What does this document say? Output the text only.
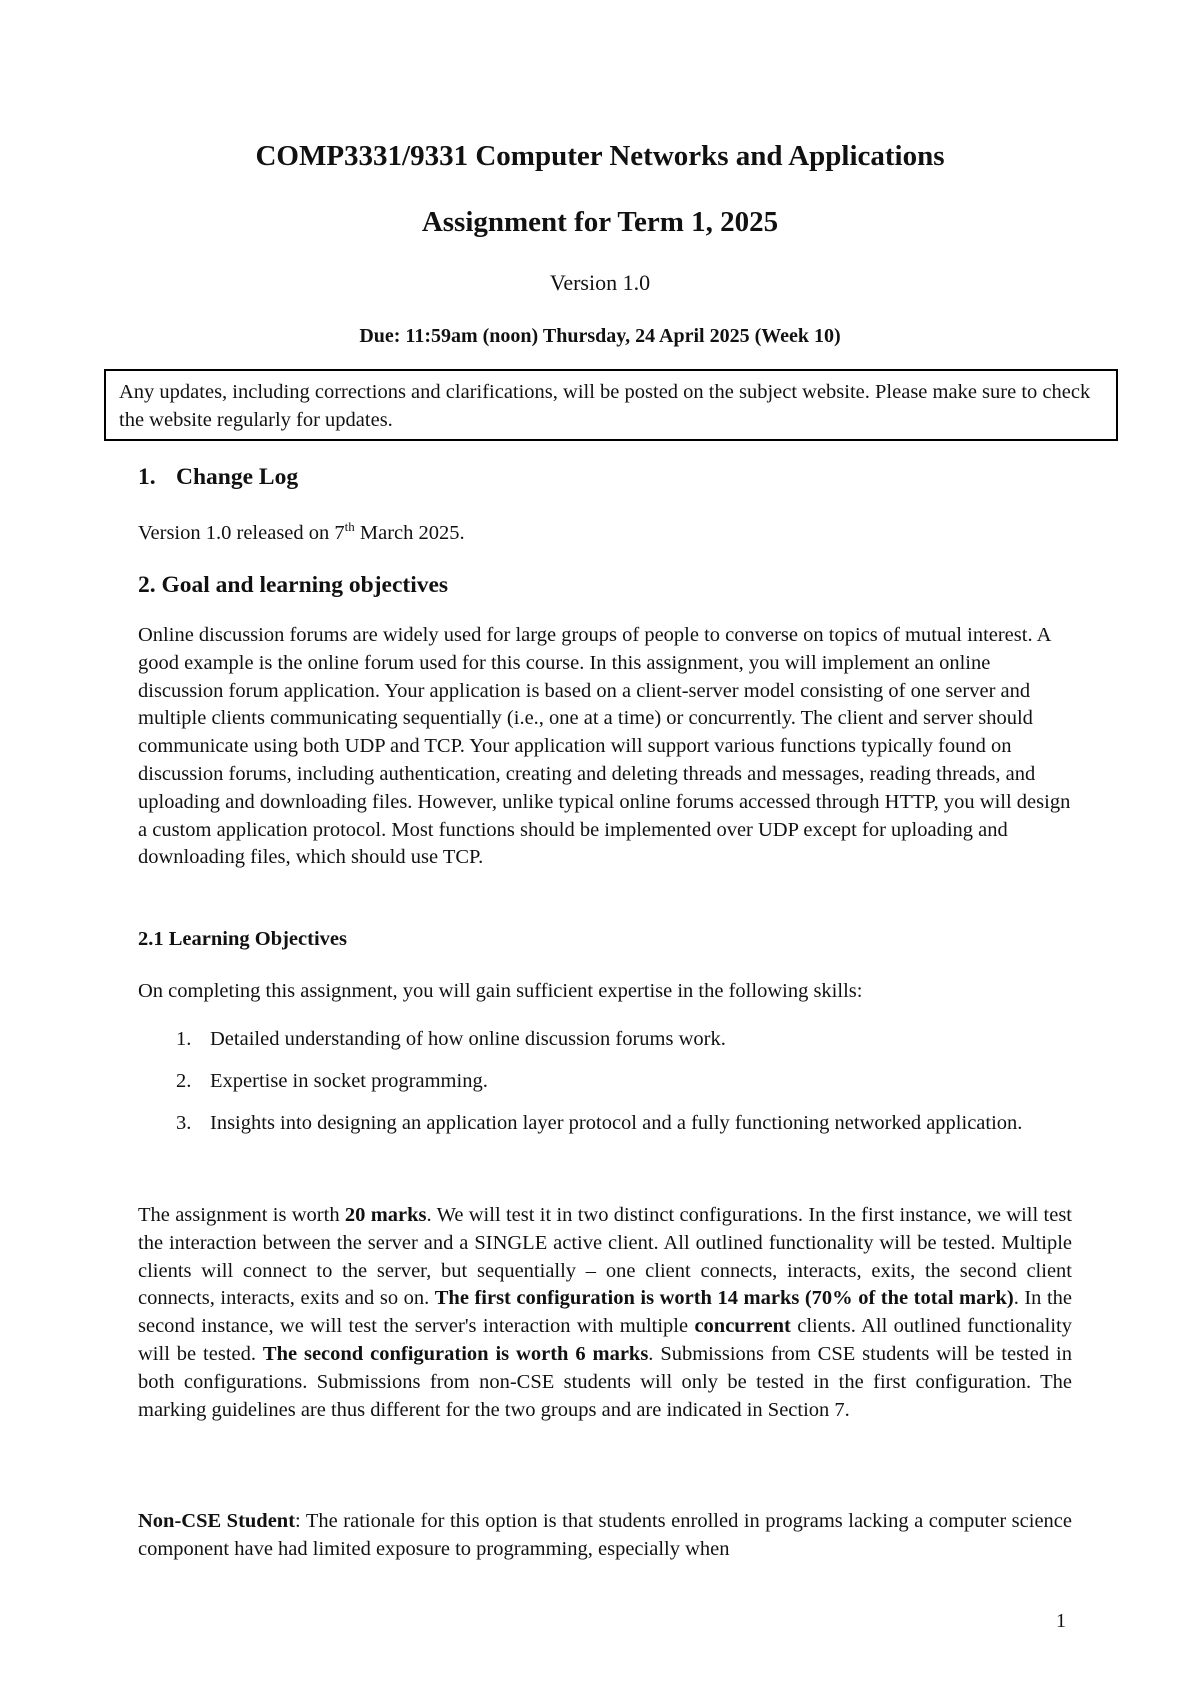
COMP3331/9331 Computer Networks and Applications
Assignment for Term 1, 2025
Version 1.0
Due: 11:59am (noon) Thursday, 24 April 2025 (Week 10)
Any updates, including corrections and clarifications, will be posted on the subject website. Please make sure to check the website regularly for updates.
1. Change Log
Version 1.0 released on 7th March 2025.
2. Goal and learning objectives
Online discussion forums are widely used for large groups of people to converse on topics of mutual interest. A good example is the online forum used for this course. In this assignment, you will implement an online discussion forum application. Your application is based on a client-server model consisting of one server and multiple clients communicating sequentially (i.e., one at a time) or concurrently. The client and server should communicate using both UDP and TCP. Your application will support various functions typically found on discussion forums, including authentication, creating and deleting threads and messages, reading threads, and uploading and downloading files. However, unlike typical online forums accessed through HTTP, you will design a custom application protocol. Most functions should be implemented over UDP except for uploading and downloading files, which should use TCP.
2.1 Learning Objectives
On completing this assignment, you will gain sufficient expertise in the following skills:
1. Detailed understanding of how online discussion forums work.
2. Expertise in socket programming.
3. Insights into designing an application layer protocol and a fully functioning networked application.
The assignment is worth 20 marks. We will test it in two distinct configurations. In the first instance, we will test the interaction between the server and a SINGLE active client. All outlined functionality will be tested. Multiple clients will connect to the server, but sequentially – one client connects, interacts, exits, the second client connects, interacts, exits and so on. The first configuration is worth 14 marks (70% of the total mark). In the second instance, we will test the server's interaction with multiple concurrent clients. All outlined functionality will be tested. The second configuration is worth 6 marks. Submissions from CSE students will be tested in both configurations. Submissions from non-CSE students will only be tested in the first configuration. The marking guidelines are thus different for the two groups and are indicated in Section 7.
Non-CSE Student: The rationale for this option is that students enrolled in programs lacking a computer science component have had limited exposure to programming, especially when
1
